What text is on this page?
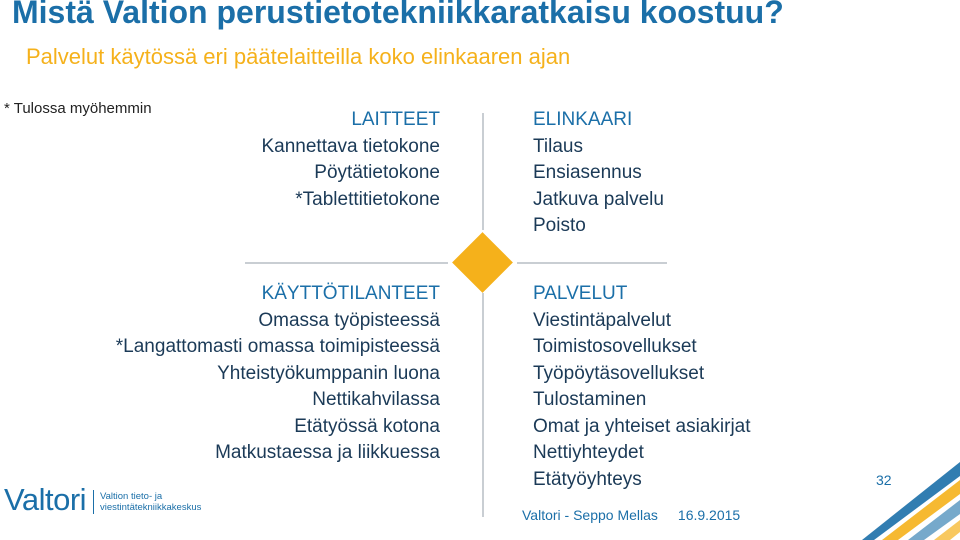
Mistä Valtion perustietotekniikkaratkaisu koostuu?
Palvelut käytössä eri päätelaitteilla koko elinkaaren ajan
* Tulossa myöhemmin
LAITTEET
Kannettava tietokone
Pöytätietokone
*Tablettitietokone
ELINKAARI
Tilaus
Ensiasennus
Jatkuva palvelu
Poisto
KÄYTTÖTILANTEET
Omassa työpisteessä
*Langattomasti omassa toimipisteessä
Yhteistyökumppanin luona
Nettikahvilassa
Etätyössä kotona
Matkustaessa ja liikkuessa
PALVELUT
Viestintäpalvelut
Toimistosovellukset
Työpöytäsovellukset
Tulostaminen
Omat ja yhteiset asiakirjat
Nettiyhteydet
Etätyöyhteys
Valtori Valtion tieto- ja
viestintätekniikkakeskus	Valtori - Seppo Mellas 16.9.2015
32
